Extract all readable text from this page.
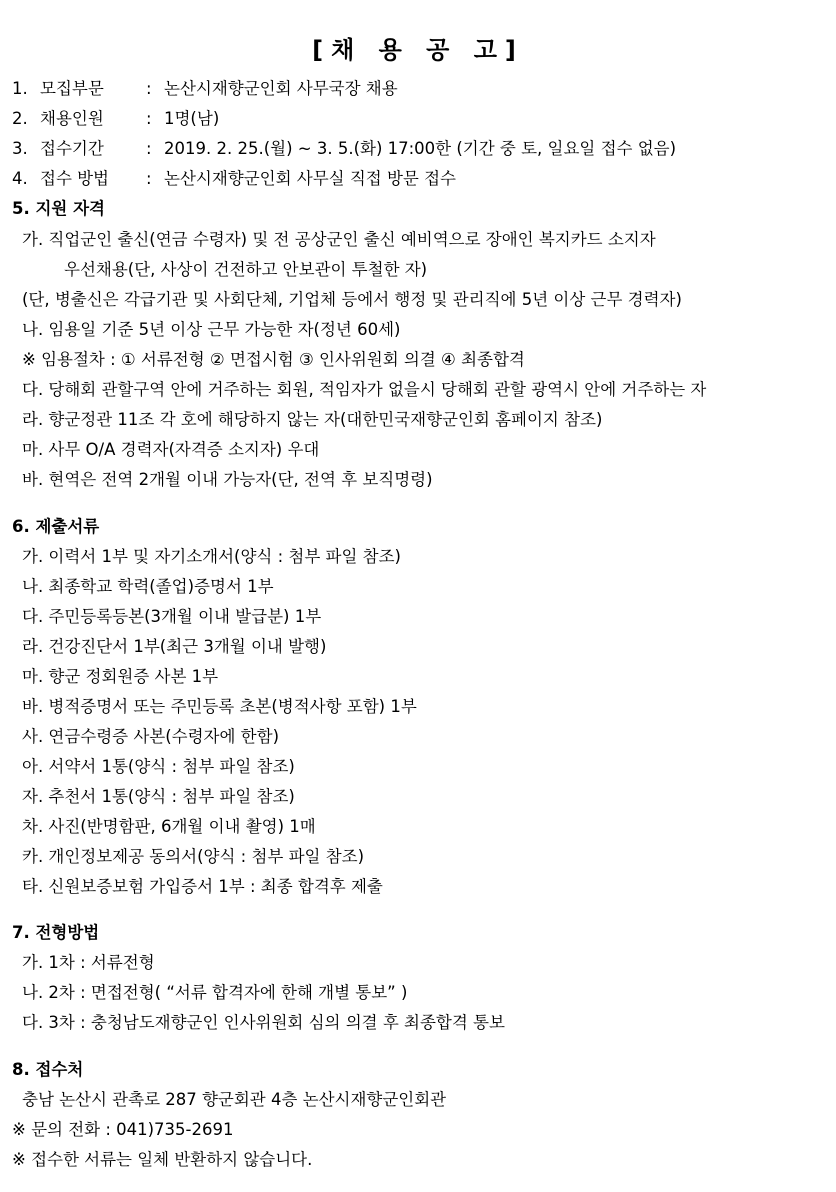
[채 용 공 고]
1. 모집부문	: 논산시재향군인회 사무국장 채용
2. 채용인원	: 1명(남)
3. 접수기간	: 2019. 2. 25.(월) ~ 3. 5.(화) 17:00한 (기간 중 토, 일요일 접수 없음)
4. 접수 방법 : 논산시재향군인회 사무실 직접 방문 접수
5. 지원 자격
가. 직업군인 출신(연금 수령자) 및 전 공상군인 출신 예비역으로 장애인 복지카드 소지자
우선채용(단, 사상이 건전하고 안보관이 투철한 자)
(단, 병출신은 각급기관 및 사회단체, 기업체 등에서 행정 및 관리직에 5년 이상 근무 경력자)
나. 임용일 기준 5년 이상 근무 가능한 자(정년 60세)
※ 임용절차 : ① 서류전형 ② 면접시험 ③ 인사위원회 의결 ④ 최종합격
다. 당해회 관할구역 안에 거주하는 회원, 적임자가 없을시 당해회 관할 광역시 안에 거주하는 자
라. 향군정관 11조 각 호에 해당하지 않는 자(대한민국재향군인회 홈페이지 참조)
마. 사무 O/A 경력자(자격증 소지자) 우대
바. 현역은 전역 2개월 이내 가능자(단, 전역 후 보직명령)
6. 제출서류
가. 이력서 1부 및 자기소개서(양식 : 첨부 파일 참조)
나. 최종학교 학력(졸업)증명서 1부
다. 주민등록등본(3개월 이내 발급분) 1부
라. 건강진단서 1부(최근 3개월 이내 발행)
마. 향군 정회원증 사본 1부
바. 병적증명서 또는 주민등록 초본(병적사항 포함) 1부
사. 연금수령증 사본(수령자에 한함)
아. 서약서 1통(양식 : 첨부 파일 참조)
자. 추천서 1통(양식 : 첨부 파일 참조)
차. 사진(반명함판, 6개월 이내 촬영) 1매
카. 개인정보제공 동의서(양식 : 첨부 파일 참조)
타. 신원보증보험 가입증서 1부 : 최종 합격후 제출
7. 전형방법
가. 1차 : 서류전형
나. 2차 : 면접전형( “서류 합격자에 한해 개별 통보” )
다. 3차 : 충청남도재향군인 인사위원회 심의 의결 후 최종합격 통보
8. 접수처
충남 논산시 관촉로 287 향군회관 4층 논산시재향군인회관
※ 문의 전화 : 041)735-2691
※ 접수한 서류는 일체 반환하지 않습니다.
